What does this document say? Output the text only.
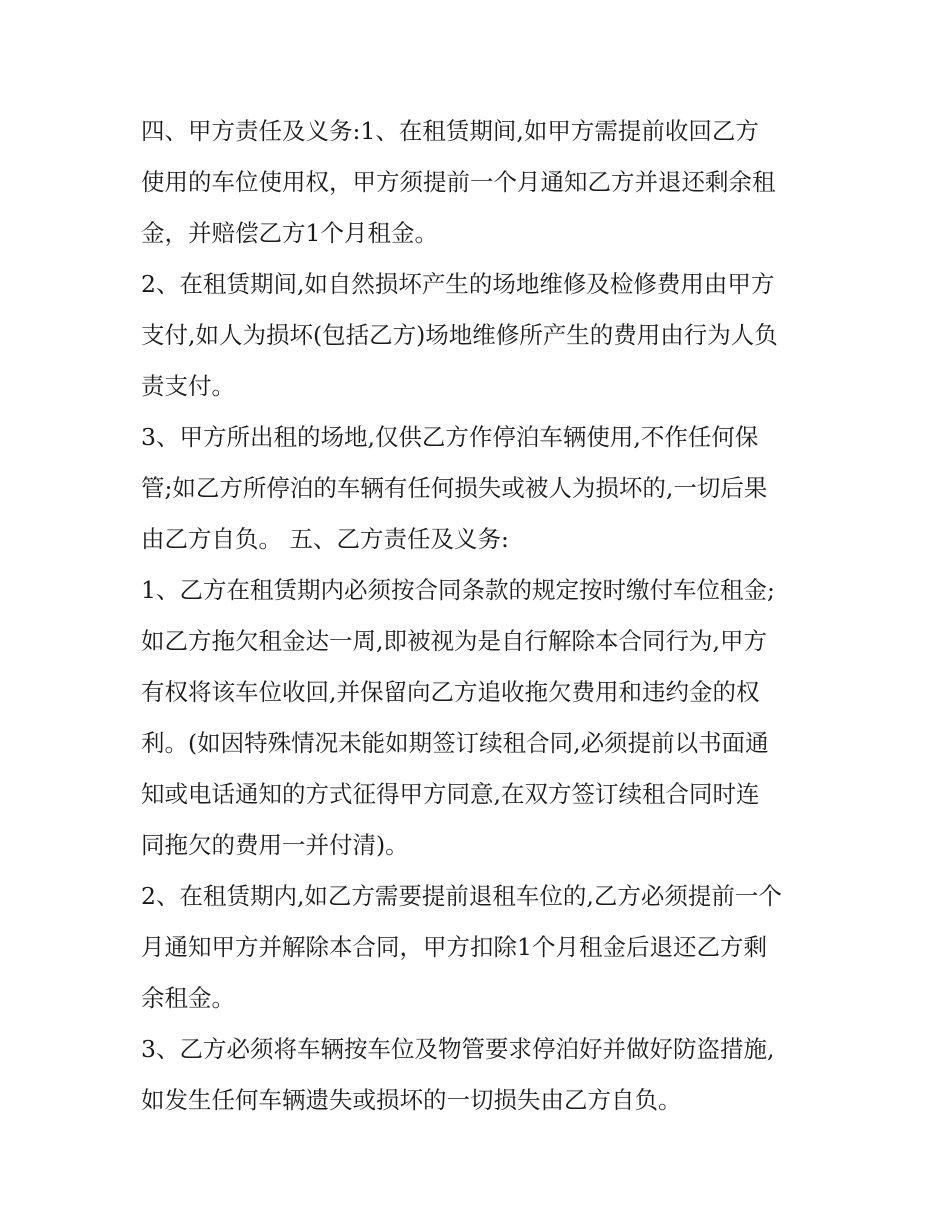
四、甲方责任及义务:1、在租赁期间,如甲方需提前收回乙方
使用的车位使用权，甲方须提前一个月通知乙方并退还剩余租
金，并赔偿乙方1个月租金。
2、在租赁期间,如自然损坏产生的场地维修及检修费用由甲方
支付,如人为损坏(包括乙方)场地维修所产生的费用由行为人负
责支付。
3、甲方所出租的场地,仅供乙方作停泊车辆使用,不作任何保
管;如乙方所停泊的车辆有任何损失或被人为损坏的,一切后果
由乙方自负。 五、乙方责任及义务:
1、乙方在租赁期内必须按合同条款的规定按时缴付车位租金;
如乙方拖欠租金达一周,即被视为是自行解除本合同行为,甲方
有权将该车位收回,并保留向乙方追收拖欠费用和违约金的权
利。(如因特殊情况未能如期签订续租合同,必须提前以书面通
知或电话通知的方式征得甲方同意,在双方签订续租合同时连
同拖欠的费用一并付清)。
2、在租赁期内,如乙方需要提前退租车位的,乙方必须提前一个
月通知甲方并解除本合同，甲方扣除1个月租金后退还乙方剩
余租金。
3、乙方必须将车辆按车位及物管要求停泊好并做好防盗措施,
如发生任何车辆遗失或损坏的一切损失由乙方自负。
